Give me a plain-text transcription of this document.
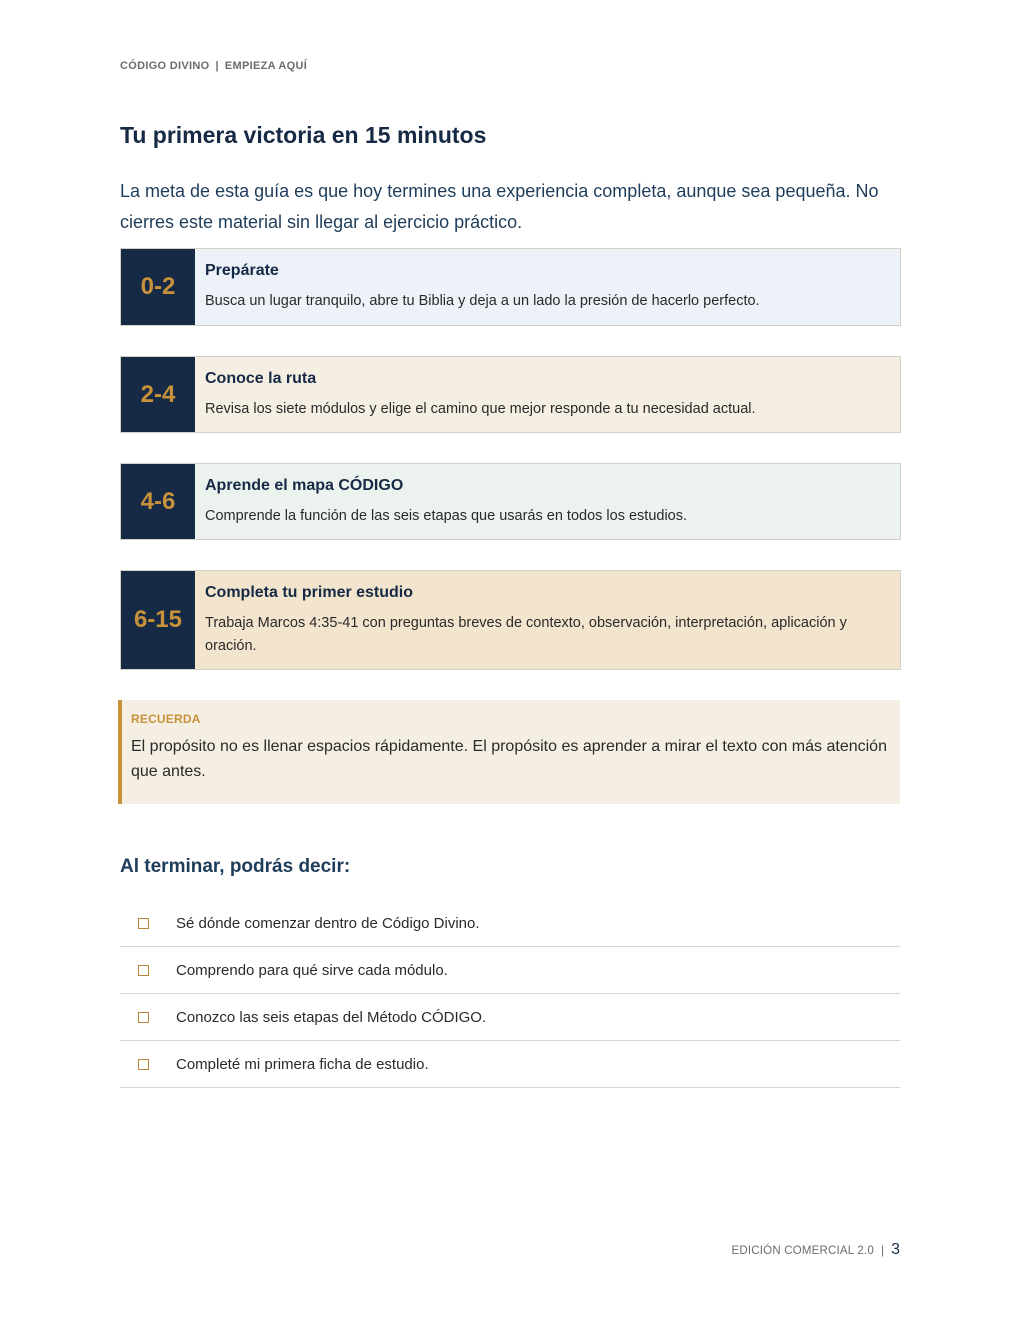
CÓDIGO DIVINO | EMPIEZA AQUÍ
Tu primera victoria en 15 minutos

La meta de esta guía es que hoy termines una experiencia completa, aunque sea pequeña. No cierres este material sin llegar al ejercicio práctico.

0-2
Prepárate
Busca un lugar tranquilo, abre tu Biblia y deja a un lado la presión de hacerlo perfecto.
2-4
Conoce la ruta
Revisa los siete módulos y elige el camino que mejor responde a tu necesidad actual.
4-6
Aprende el mapa CÓDIGO
Comprende la función de las seis etapas que usarás en todos los estudios.
6-15
Completa tu primer estudio
Trabaja Marcos 4:35-41 con preguntas breves de contexto, observación, interpretación, aplicación y oración.
RECUERDA
El propósito no es llenar espacios rápidamente. El propósito es aprender a mirar el texto con más atención que antes.
Al terminar, podrás decir:
Sé dónde comenzar dentro de Código Divino.
Comprendo para qué sirve cada módulo.
Conozco las seis etapas del Método CÓDIGO.
Completé mi primera ficha de estudio.
EDICIÓN COMERCIAL 2.0 | 3
